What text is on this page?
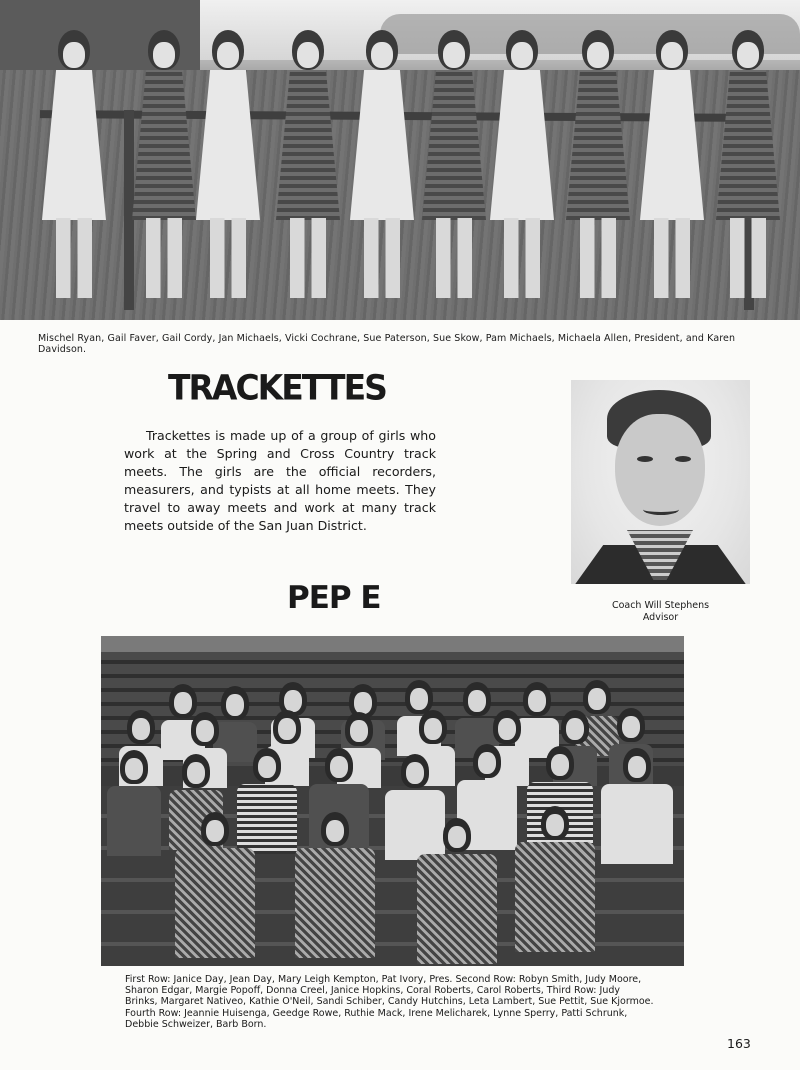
Mischel Ryan, Gail Faver, Gail Cordy, Jan Michaels, Vicki Cochrane, Sue Paterson, Sue Skow, Pam Michaels, Michaela Allen, President, and Karen Davidson.
TRACKETTES
Trackettes is made up of a group of girls who work at the Spring and Cross Country track meets. The girls are the official recorders, measurers, and typists at all home meets. They travel to away meets and work at many track meets outside of the San Juan District.
Coach Will Stephens
Advisor
PEP E
First Row: Janice Day, Jean Day, Mary Leigh Kempton, Pat Ivory, Pres. Second Row: Robyn Smith, Judy Moore, Sharon Edgar, Margie Popoff, Donna Creel, Janice Hopkins, Coral Roberts, Carol Roberts, Third Row: Judy Brinks, Margaret Nativeo, Kathie O'Neil, Sandi Schiber, Candy Hutchins, Leta Lambert, Sue Pettit, Sue Kjormoe. Fourth Row: Jeannie Huisenga, Geedge Rowe, Ruthie Mack, Irene Melicharek, Lynne Sperry, Patti Schrunk, Debbie Schweizer, Barb Born.
163
